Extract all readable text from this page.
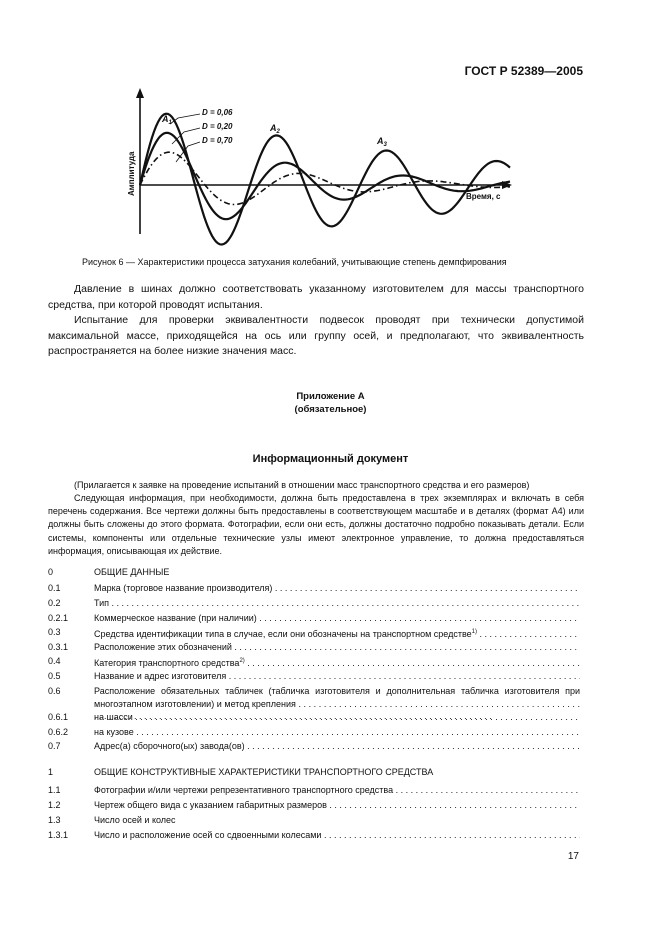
ГОСТ Р 52389—2005
Амплитуда
Время, с
$A_1$	$A_2$
$A_3$
D = 0,06
D = 0,20
D = 0,70
Рисунок 6 — Характеристики процесса затухания колебаний, учитывающие степень демпфирования
Давление в шинах должно соответствовать указанному изготовителем для массы транспортного средства, при которой проводят испытания.
Испытание для проверки эквивалентности подвесок проводят при технически допустимой максимальной массе, приходящейся на ось или группу осей, и предполагают, что эквивалентность распространяется на более низкие значения масс.
Приложение А
(обязательное)
Информационный документ
(Прилагается к заявке на проведение испытаний в отношении масс транспортного средства и его размеров)
Следующая информация, при необходимости, должна быть предоставлена в трех экземплярах и включать в себя перечень содержания. Все чертежи должны быть предоставлены в соответствующем масштабе и в деталях (формат А4) или должны быть сложены до этого формата. Фотографии, если они есть, должны достаточно подробно показывать детали. Если системы, компоненты или отдельные технические узлы имеют электронное управление, то должна предоставляться информация, описывающая их действие.
0	ОБЩИЕ ДАННЫЕ
0.1	Марка (торговое название производителя) . . .
0.2	Тип . . .
0.2.1	Коммерческое название (при наличии) . . .
0.3	Средства идентификации типа в случае, если они обозначены на транспортном средстве$^{1)}$ . . .
0.3.1	Расположение этих обозначений . . .
0.4	Категория транспортного средства$^{2)}$ . . .
0.5	Название и адрес изготовителя . . .
0.6	Расположение обязательных табличек (табличка изготовителя и дополнительная табличка изготовителя при многоэтапном изготовлении) и метод крепления . . .
0.6.1	на шасси . . .
0.6.2	на кузове . . .
0.7	Адрес(а) сборочного(ых) завода(ов) . . .
1	ОБЩИЕ КОНСТРУКТИВНЫЕ ХАРАКТЕРИСТИКИ ТРАНСПОРТНОГО СРЕДСТВА
1.1	Фотографии и/или чертежи репрезентативного транспортного средства . . .
1.2	Чертеж общего вида с указанием габаритных размеров . . .
1.3	Число осей и колес
1.3.1	Число и расположение осей со сдвоенными колесами . . .
17
